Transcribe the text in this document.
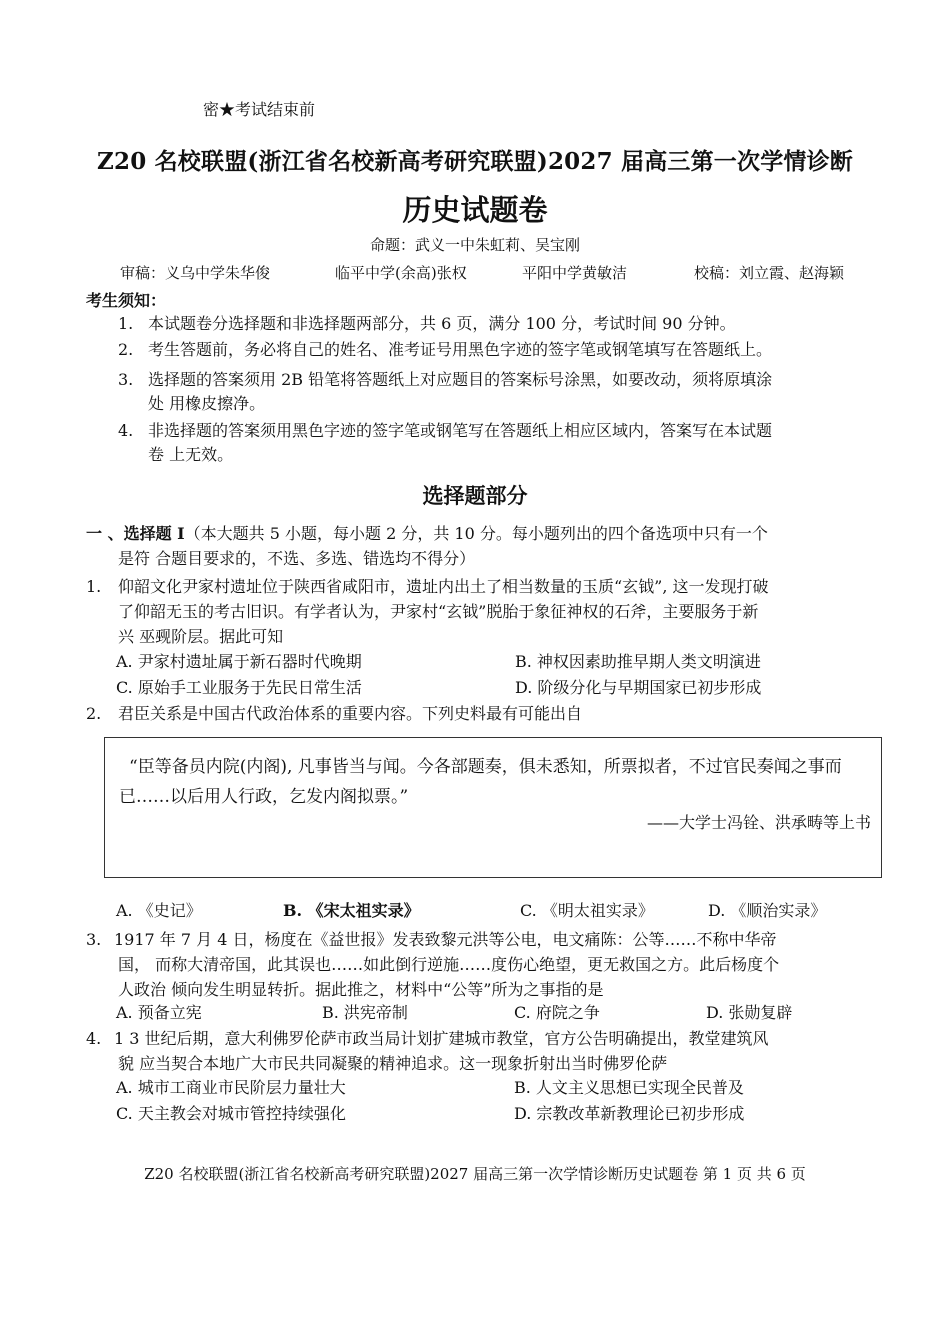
密★考试结束前
Z20 名校联盟(浙江省名校新高考研究联盟)2027 届高三第一次学情诊断
历史试题卷
命题：武义一中朱虹莉、吴宝刚
审稿：义乌中学朱华俊	临平中学(余高)张权	平阳中学黄敏洁	校稿：刘立霞、赵海颖
考生须知：
1. 本试题卷分选择题和非选择题两部分，共 6 页，满分 100 分，考试时间 90 分钟。
2. 考生答题前，务必将自己的姓名、准考证号用黑色字迹的签字笔或钢笔填写在答题纸上。
3. 选择题的答案须用 2B 铅笔将答题纸上对应题目的答案标号涂黑，如要改动，须将原填涂
处 用橡皮擦净。
4. 非选择题的答案须用黑色字迹的签字笔或钢笔写在答题纸上相应区域内，答案写在本试题
卷 上无效。
选择题部分
一 、选择题 I（本大题共 5 小题，每小题 2 分，共 10 分。每小题列出的四个备选项中只有一个
是符 合题目要求的，不选、多选、错选均不得分）
1. 仰韶文化尹家村遗址位于陕西省咸阳市，遗址内出土了相当数量的玉质“玄钺”, 这一发现打破
了仰韶无玉的考古旧识。有学者认为，尹家村“玄钺”脱胎于象征神权的石斧，主要服务于新
兴 巫觋阶层。据此可知
A. 尹家村遗址属于新石器时代晚期	B. 神权因素助推早期人类文明演进
C. 原始手工业服务于先民日常生活	D. 阶级分化与早期国家已初步形成
2. 君臣关系是中国古代政治体系的重要内容。下列史料最有可能出自
“臣等备员内院(内阁), 凡事皆当与闻。今各部题奏，俱未悉知，所票拟者，不过官民奏闻之事而已……以后用人行政，乞发内阁拟票。”
——大学士冯铨、洪承畴等上书
A. 《史记》	B. 《宋太祖实录》	C. 《明太祖实录》	D. 《顺治实录》
3. 1917 年 7 月 4 日，杨度在《益世报》发表致黎元洪等公电，电文痛陈：公等……不称中华帝
国， 而称大清帝国，此其误也……如此倒行逆施……度伤心绝望，更无救国之方。此后杨度个
人政治 倾向发生明显转折。据此推之，材料中“公等”所为之事指的是
A. 预备立宪	B. 洪宪帝制	C. 府院之争	D. 张勋复辟
4. 1 3 世纪后期，意大利佛罗伦萨市政当局计划扩建城市教堂，官方公告明确提出，教堂建筑风
貌 应当契合本地广大市民共同凝聚的精神追求。这一现象折射出当时佛罗伦萨
A. 城市工商业市民阶层力量壮大	B. 人文主义思想已实现全民普及
C. 天主教会对城市管控持续强化	D. 宗教改革新教理论已初步形成
Z20 名校联盟(浙江省名校新高考研究联盟)2027 届高三第一次学情诊断历史试题卷 第 1 页 共 6 页
